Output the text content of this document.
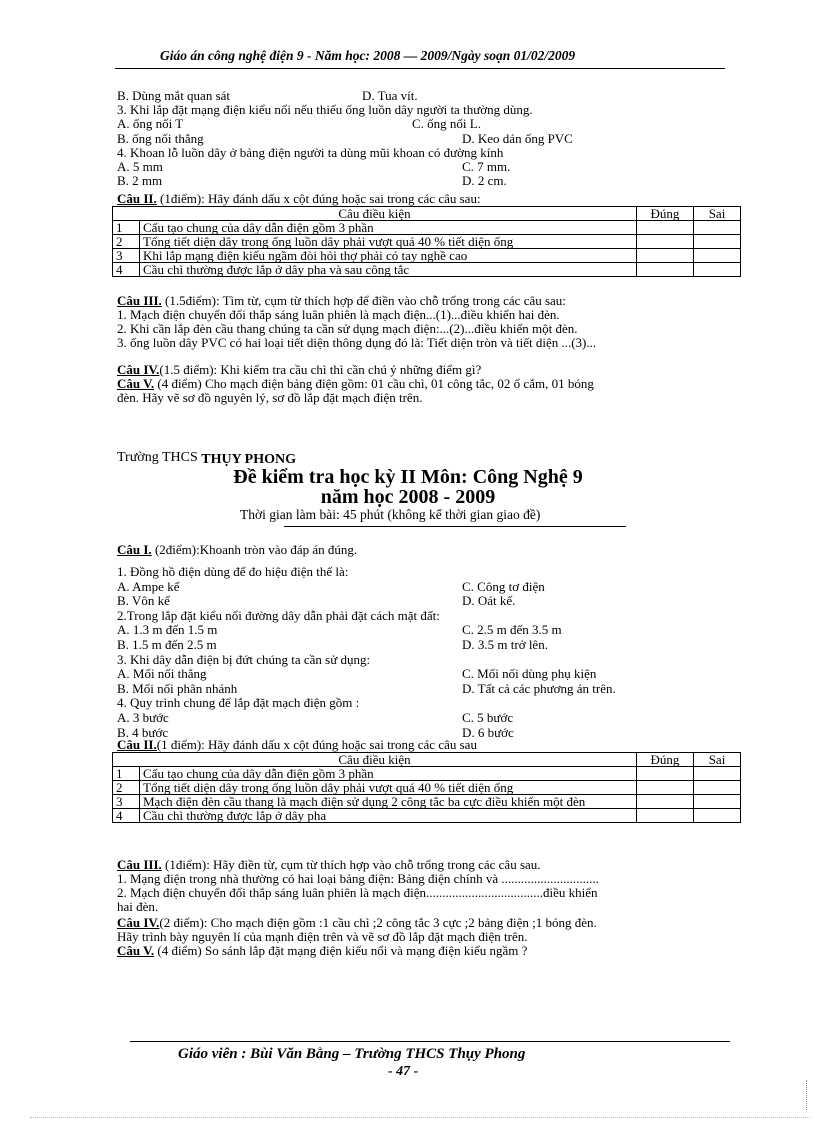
Giáo án công nghệ điện 9 - Năm học: 2008 — 2009/Ngày soạn 01/02/2009
B. Dùng mắt quan sát	D. Tua vít.
3. Khi lắp đặt mạng điện kiểu nổi nếu thiếu ống luồn dây người ta thường dùng.
A. ống nối T	C. ống nối L.
B. ống nối thẳng	D. Keo dán ống PVC
4. Khoan lỗ luồn dây ở bảng điện người ta dùng mũi khoan có đường kính
A. 5 mm	C. 7 mm.
B. 2 mm	D. 2 cm.
Câu II. (1điểm): Hãy đánh dấu x cột đúng hoặc sai trong các câu sau:
Câu điều kiện		Đúng	Sai
1	Cấu tạo chung của dây dẫn điện gồm 3 phần		
2	Tổng tiết diện dây trong ống luồn dây phải vượt quá 40 % tiết diện ống		
3	Khi lắp mạng điện kiểu ngầm đòi hỏi thợ phải có tay nghề cao		
4	Cầu chì thường được lắp ở dây pha và sau công tắc		
Câu III. (1.5điểm): Tìm từ, cụm từ thích hợp để điền vào chỗ trống trong các câu sau:
1. Mạch điện chuyển đổi thắp sáng luân phiên là mạch điện...(1)...điều khiển hai đèn.
2. Khi cần lắp đèn cầu thang chúng ta cần sử dụng mạch điện:...(2)...điều khiển một đèn.
3. ống luồn dây PVC có hai loại tiết diện thông dụng đó là: Tiết diện tròn và tiết diện ...(3)...
Câu IV.(1.5 điểm): Khi kiểm tra cầu chì thì cần chú ý những điểm gì?
Câu V. (4 điểm) Cho mạch điện bảng điện gồm: 01 cầu chì, 01 công tắc, 02 ổ cắm, 01 bóng
đèn. Hãy vẽ sơ đồ nguyên lý, sơ đồ lắp đặt mạch điện trên.
Trường THCS THỤY PHONG
Đề kiểm tra học kỳ II Môn: Công Nghệ 9
năm học 2008 - 2009
Thời gian làm bài: 45 phút (không kể thời gian giao đề)
Câu I. (2điểm):Khoanh tròn vào đáp án đúng.
1. Đồng hồ điện dùng để đo hiệu điện thế là:
A. Ampe kế	C. Công tơ điện
B. Vôn kế	D. Oát kế.
2.Trong lắp đặt kiểu nổi đường dây dẫn phải đặt cách mặt đất:
A. 1.3 m đến 1.5 m	C. 2.5 m đến 3.5 m
B. 1.5 m đến 2.5 m	D. 3.5 m trở lên.
3. Khi dây dẫn điện bị đứt chúng ta cần sử dụng:
A. Mối nối thẳng	C. Mối nối dùng phụ kiện
B. Mối nối phân nhánh	D. Tất cả các phương án trên.
4. Quy trình chung để lắp đặt mạch điện gồm :
A. 3 bước	C. 5 bước
B. 4 bước	D. 6 bước
Câu II.(1 điểm): Hãy đánh dấu x cột đúng hoặc sai trong các câu sau
Câu điều kiện		Đúng	Sai
1	Cấu tạo chung của dây dẫn điện gồm 3 phần		
2	Tổng tiết diện dây trong ống luồn dây phải vượt quá 40 % tiết diện ống		
3	Mạch điện đèn cầu thang là mạch điện sử dụng 2 công tắc ba cực điều khiển một đèn		
4	Cầu chì thường được lắp ở dây pha		
Câu III. (1điểm): Hãy điền từ, cụm từ thích hợp vào chỗ trống trong các câu sau.
1. Mạng điện trong nhà thường có hai loại bảng điện: Bảng điện chính và ..............................
2. Mạch điện chuyển đổi thắp sáng luân phiên là mạch điện....................................điều khiển
hai đèn.
Câu IV.(2 điểm): Cho mạch điện gồm :1 cầu chì ;2 công tắc 3 cực ;2 bảng điện ;1 bóng đèn.
Hãy trình bày nguyên lí của mạnh điện trên và vẽ sơ đồ lắp đặt mạch điện trên.
Câu V. (4 điểm) So sánh lắp đặt mạng điện kiểu nổi và mạng điện kiểu ngầm ?
Giáo viên : Bùi Văn Bằng – Trường THCS Thụy Phong
- 47 -
